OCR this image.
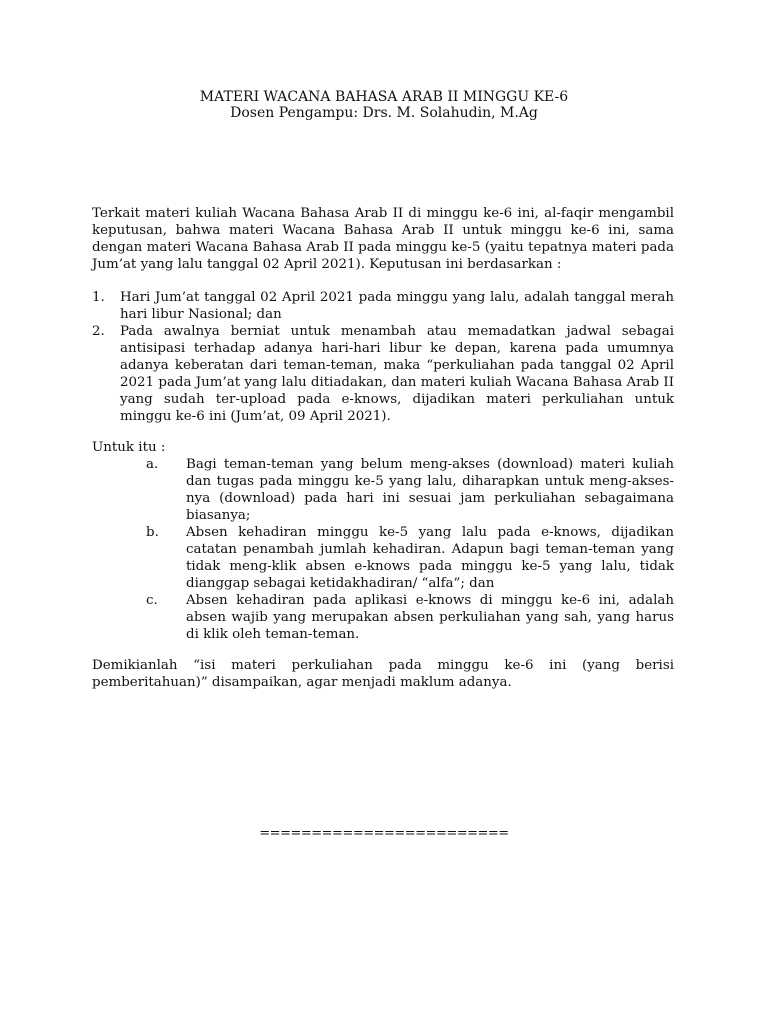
MATERI WACANA BAHASA ARAB II MINGGU KE-6
Dosen Pengampu: Drs. M. Solahudin, M.Ag
Terkait materi kuliah Wacana Bahasa Arab II di minggu ke-6 ini, al-faqir mengambil keputusan, bahwa materi Wacana Bahasa Arab II untuk minggu ke-6 ini, sama dengan materi Wacana Bahasa Arab II pada minggu ke-5 (yaitu tepatnya materi pada Jum’at yang lalu tanggal 02 April 2021). Keputusan ini berdasarkan :
1.	Hari Jum’at tanggal 02 April 2021 pada minggu yang lalu, adalah tanggal merah hari libur Nasional; dan
2.	Pada awalnya berniat untuk menambah atau memadatkan jadwal sebagai antisipasi terhadap adanya hari-hari libur ke depan, karena pada umumnya adanya keberatan dari teman-teman, maka “perkuliahan pada tanggal 02 April 2021 pada Jum’at yang lalu ditiadakan, dan materi kuliah Wacana Bahasa Arab II yang sudah ter-upload pada e-knows, dijadikan materi perkuliahan untuk minggu ke-6 ini (Jum’at, 09 April 2021).
Untuk itu :
a.	Bagi teman-teman yang belum meng-akses (download) materi kuliah dan tugas pada minggu ke-5 yang lalu, diharapkan untuk meng-akses-nya (download) pada hari ini sesuai jam perkuliahan sebagaimana biasanya;
b.	Absen kehadiran minggu ke-5 yang lalu pada e-knows, dijadikan catatan penambah jumlah kehadiran. Adapun bagi teman-teman yang tidak meng-klik absen e-knows pada minggu ke-5 yang lalu, tidak dianggap sebagai ketidakhadiran/ “alfa”; dan
c.	Absen kehadiran pada aplikasi e-knows di minggu ke-6 ini, adalah absen wajib yang merupakan absen perkuliahan yang sah, yang harus di klik oleh teman-teman.
Demikianlah “isi materi perkuliahan pada minggu ke-6 ini (yang berisi pemberitahuan)” disampaikan, agar menjadi maklum adanya.
========================
